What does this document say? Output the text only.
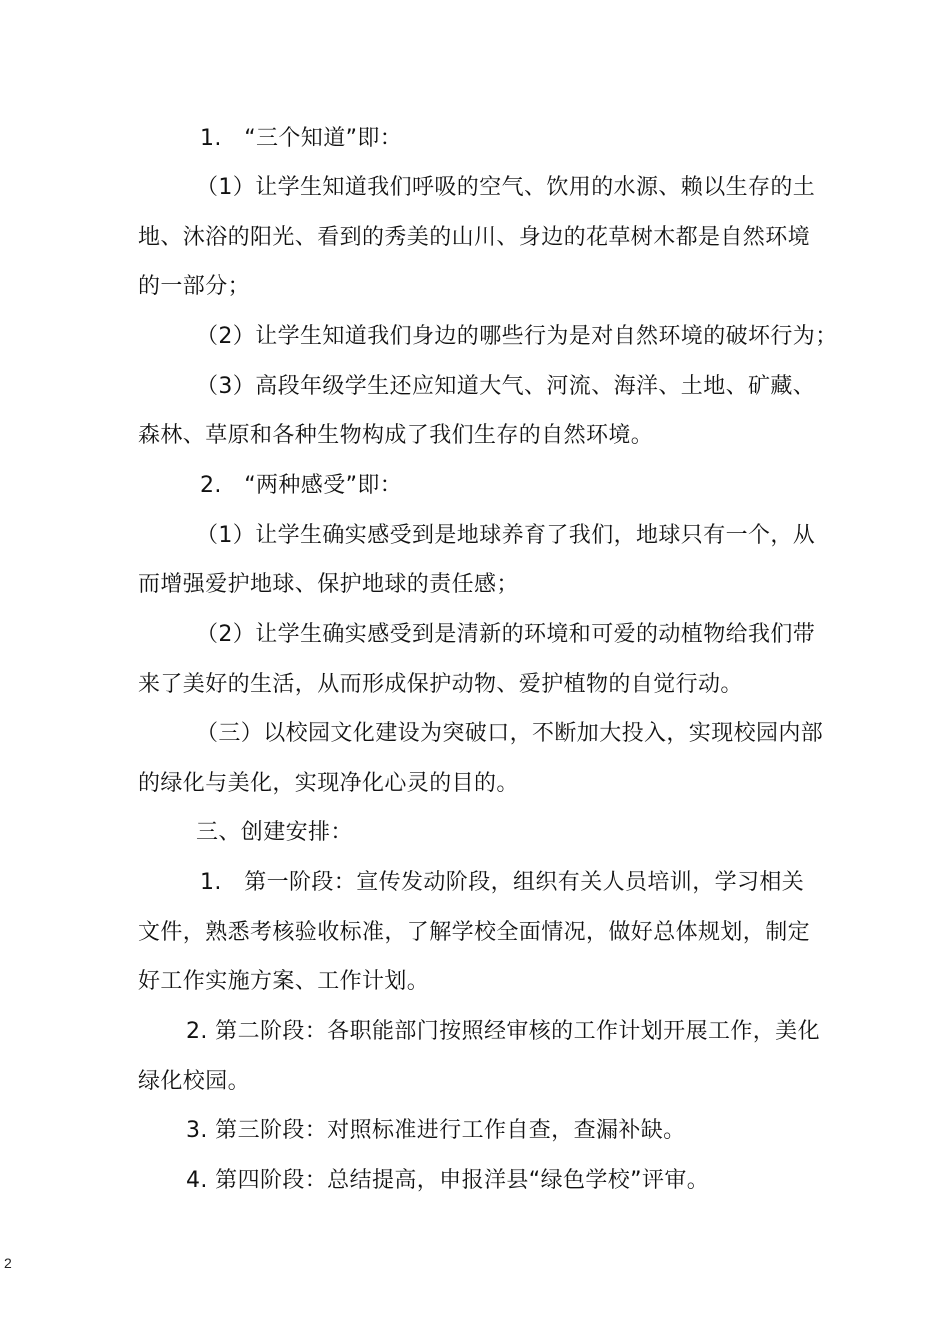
1.　“三个知道”即：
（1）让学生知道我们呼吸的空气、饮用的水源、赖以生存的土
地、沐浴的阳光、看到的秀美的山川、身边的花草树木都是自然环境
的一部分；
（2）让学生知道我们身边的哪些行为是对自然环境的破坏行为；
（3）高段年级学生还应知道大气、河流、海洋、土地、矿藏、
森林、草原和各种生物构成了我们生存的自然环境。
2.　“两种感受”即：
（1）让学生确实感受到是地球养育了我们，地球只有一个，从
而增强爱护地球、保护地球的责任感；
（2）让学生确实感受到是清新的环境和可爱的动植物给我们带
来了美好的生活，从而形成保护动物、爱护植物的自觉行动。
（三）以校园文化建设为突破口，不断加大投入，实现校园内部
的绿化与美化，实现净化心灵的目的。
三、创建安排：
1.　第一阶段：宣传发动阶段，组织有关人员培训，学习相关
文件，熟悉考核验收标准，了解学校全面情况，做好总体规划，制定
好工作实施方案、工作计划。
2. 第二阶段：各职能部门按照经审核的工作计划开展工作，美化
绿化校园。
3. 第三阶段：对照标准进行工作自查，查漏补缺。
4. 第四阶段：总结提高，申报洋县“绿色学校”评审。
2
